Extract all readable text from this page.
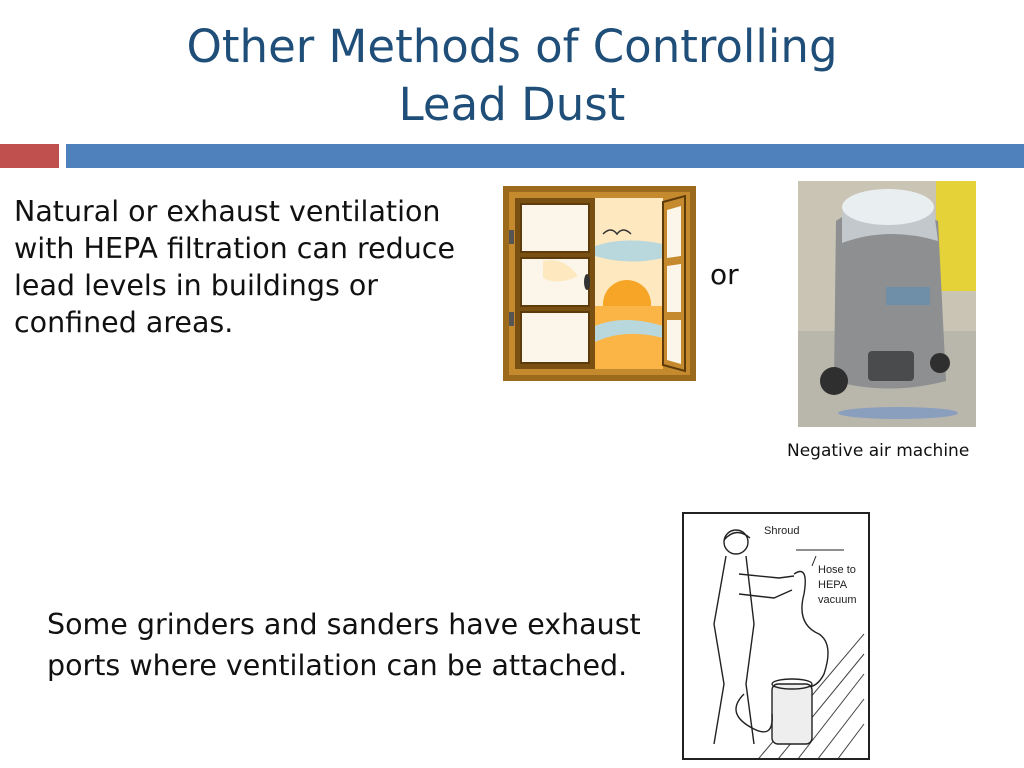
Other Methods of Controlling
Lead Dust
Natural or exhaust ventilation with HEPA filtration can reduce lead levels in buildings or confined areas.
or
Negative air machine
Some grinders and sanders have exhaust ports where ventilation can be attached.
Shroud
Hose to
HEPA
vacuum
